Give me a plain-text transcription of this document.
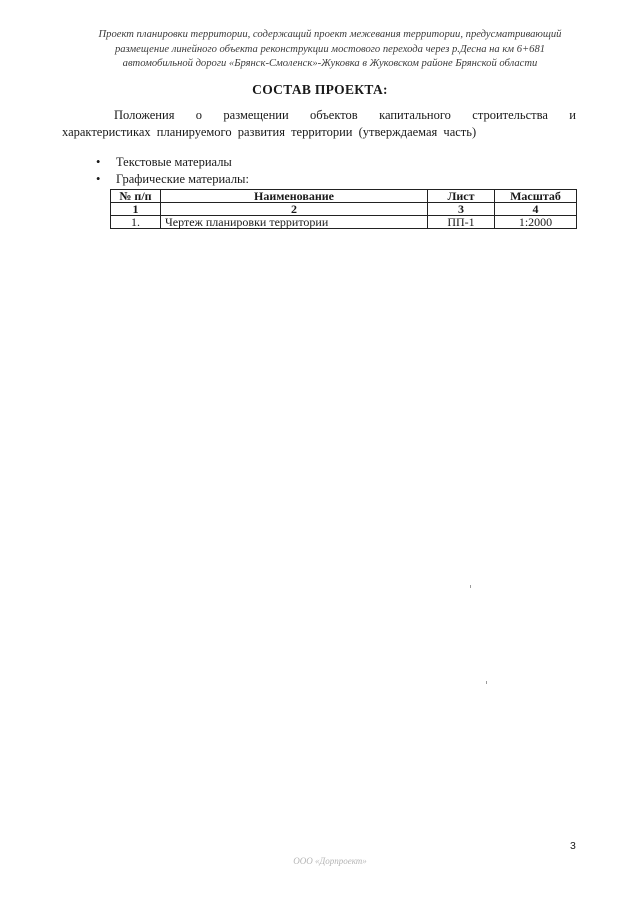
Проект планировки территории, содержащий проект межевания территории, предусматривающий размещение линейного объекта реконструкции мостового перехода через р.Десна на км 6+681 автомобильной дороги «Брянск-Смоленск»-Жуковка в Жуковском районе Брянской области
СОСТАВ ПРОЕКТА:
Положения о размещении объектов капитального строительства и
характеристиках планируемого развития территории (утверждаемая часть)
• Текстовые материалы
• Графические материалы:
№ п/п	Наименование	Лист	Масштаб
1	2	3	4
1.	Чертеж планировки территории	ПП-1	1:2000
3
ООО «Дорпроект»
